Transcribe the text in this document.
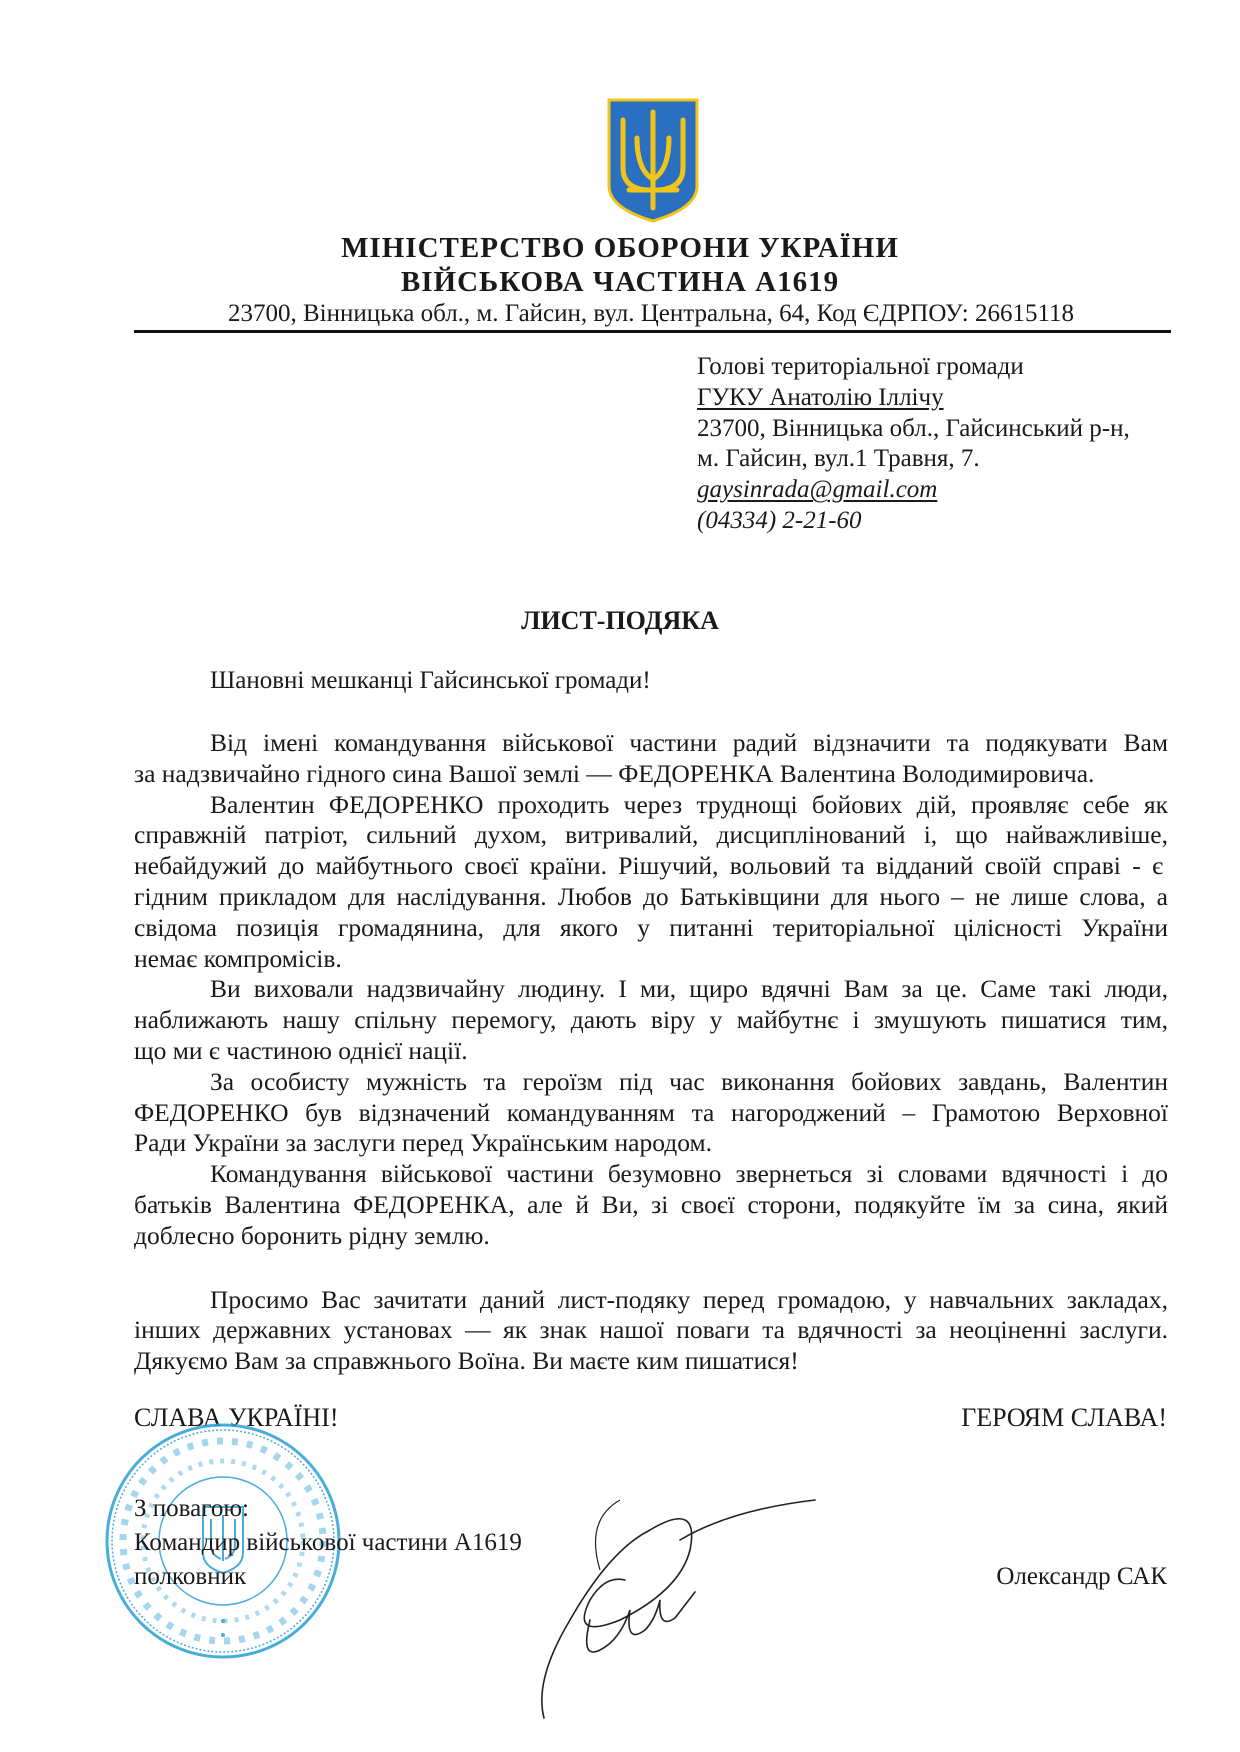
МІНІСТЕРСТВО ОБОРОНИ УКРАЇНИ
ВІЙСЬКОВА ЧАСТИНА А1619
23700, Вінницька обл., м. Гайсин, вул. Центральна, 64, Код ЄДРПОУ: 26615118
Голові територіальної громади
ГУКУ Анатолію Іллічу
23700, Вінницька обл., Гайсинський р-н,
м. Гайсин, вул.1 Травня, 7.
gaysinrada@gmail.com
(04334) 2-21-60
ЛИСТ-ПОДЯКА
Шановні мешканці Гайсинської громади!
Від імені командування військової частини радий відзначити та подякувати Вам
за надзвичайно гідного сина Вашої землі — ФЕДОРЕНКА Валентина Володимировича.
Валентин ФЕДОРЕНКО проходить через труднощі бойових дій, проявляє себе як
справжній патріот, сильний духом, витривалий, дисциплінований і, що найважливіше,
небайдужий до майбутнього своєї країни. Рішучий, вольовий та відданий своїй справі - є
гідним прикладом для наслідування. Любов до Батьківщини для нього – не лише слова, а
свідома позиція громадянина, для якого у питанні територіальної цілісності України
немає компромісів.
Ви виховали надзвичайну людину. І ми, щиро вдячні Вам за це. Саме такі люди,
наближають нашу спільну перемогу, дають віру у майбутнє і змушують пишатися тим,
що ми є частиною однієї нації.
За особисту мужність та героїзм під час виконання бойових завдань, Валентин
ФЕДОРЕНКО був відзначений командуванням та нагороджений – Грамотою Верховної
Ради України за заслуги перед Українським народом.
Командування військової частини безумовно звернеться зі словами вдячності і до
батьків Валентина ФЕДОРЕНКА, але й Ви, зі своєї сторони, подякуйте їм за сина, який
доблесно боронить рідну землю.
Просимо Вас зачитати даний лист-подяку перед громадою, у навчальних закладах,
інших державних установах — як знак нашої поваги та вдячності за неоціненні заслуги.
Дякуємо Вам за справжнього Воїна. Ви маєте ким пишатися!
СЛАВА УКРАЇНІ!	ГЕРОЯМ СЛАВА!
З повагою:
Командир військової частини А1619
полковник	Олександр САК
